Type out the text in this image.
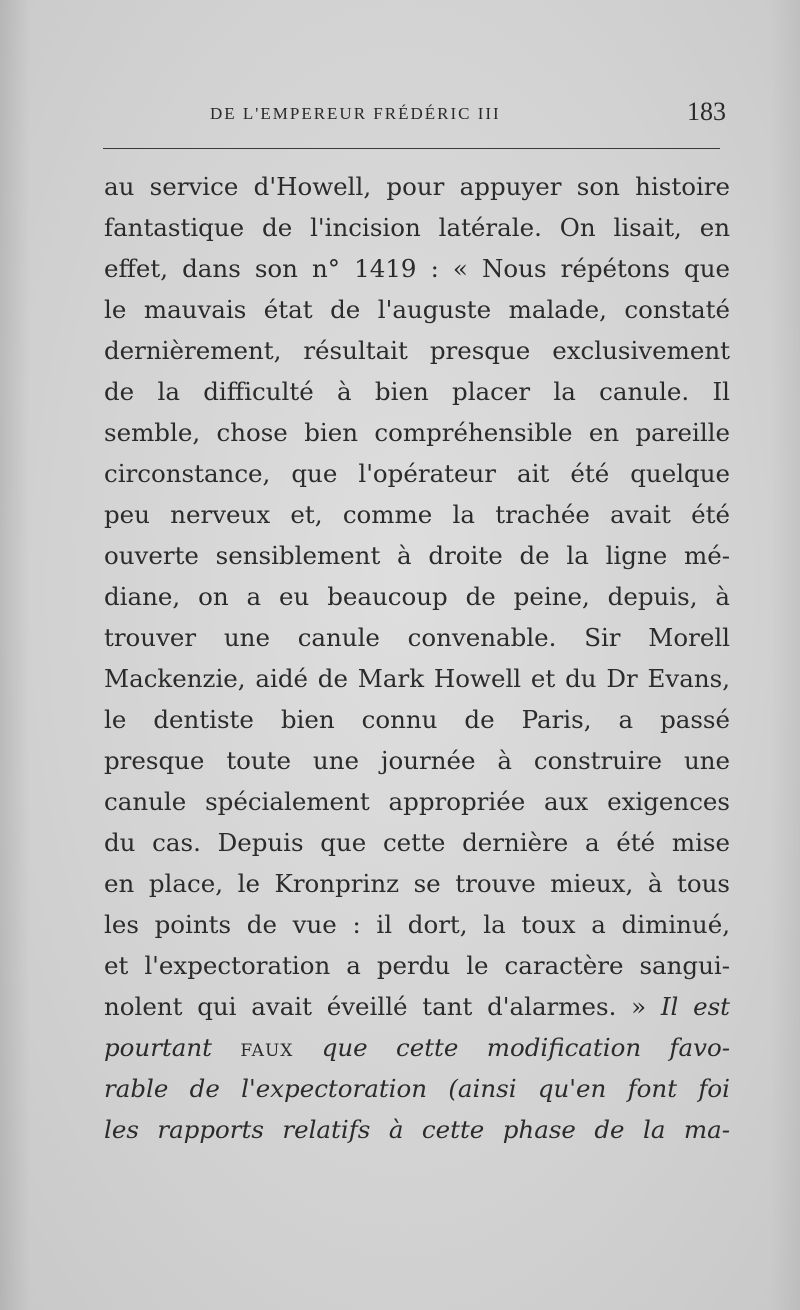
DE L'EMPEREUR FRÉDÉRIC III	183
au service d'Howell, pour appuyer son histoire
fantastique de l'incision latérale. On lisait, en
effet, dans son n° 1419 : « Nous répétons que
le mauvais état de l'auguste malade, constaté
dernièrement, résultait presque exclusivement
de la difficulté à bien placer la canule. Il
semble, chose bien compréhensible en pareille
circonstance, que l'opérateur ait été quelque
peu nerveux et, comme la trachée avait été
ouverte sensiblement à droite de la ligne mé-
diane, on a eu beaucoup de peine, depuis, à
trouver une canule convenable. Sir Morell
Mackenzie, aidé de Mark Howell et du Dr Evans,
le dentiste bien connu de Paris, a passé
presque toute une journée à construire une
canule spécialement appropriée aux exigences
du cas. Depuis que cette dernière a été mise
en place, le Kronprinz se trouve mieux, à tous
les points de vue : il dort, la toux a diminué,
et l'expectoration a perdu le caractère sangui-
nolent qui avait éveillé tant d'alarmes. » Il est
pourtant faux que cette modification favo-
rable de l'expectoration (ainsi qu'en font foi
les rapports relatifs à cette phase de la ma-
